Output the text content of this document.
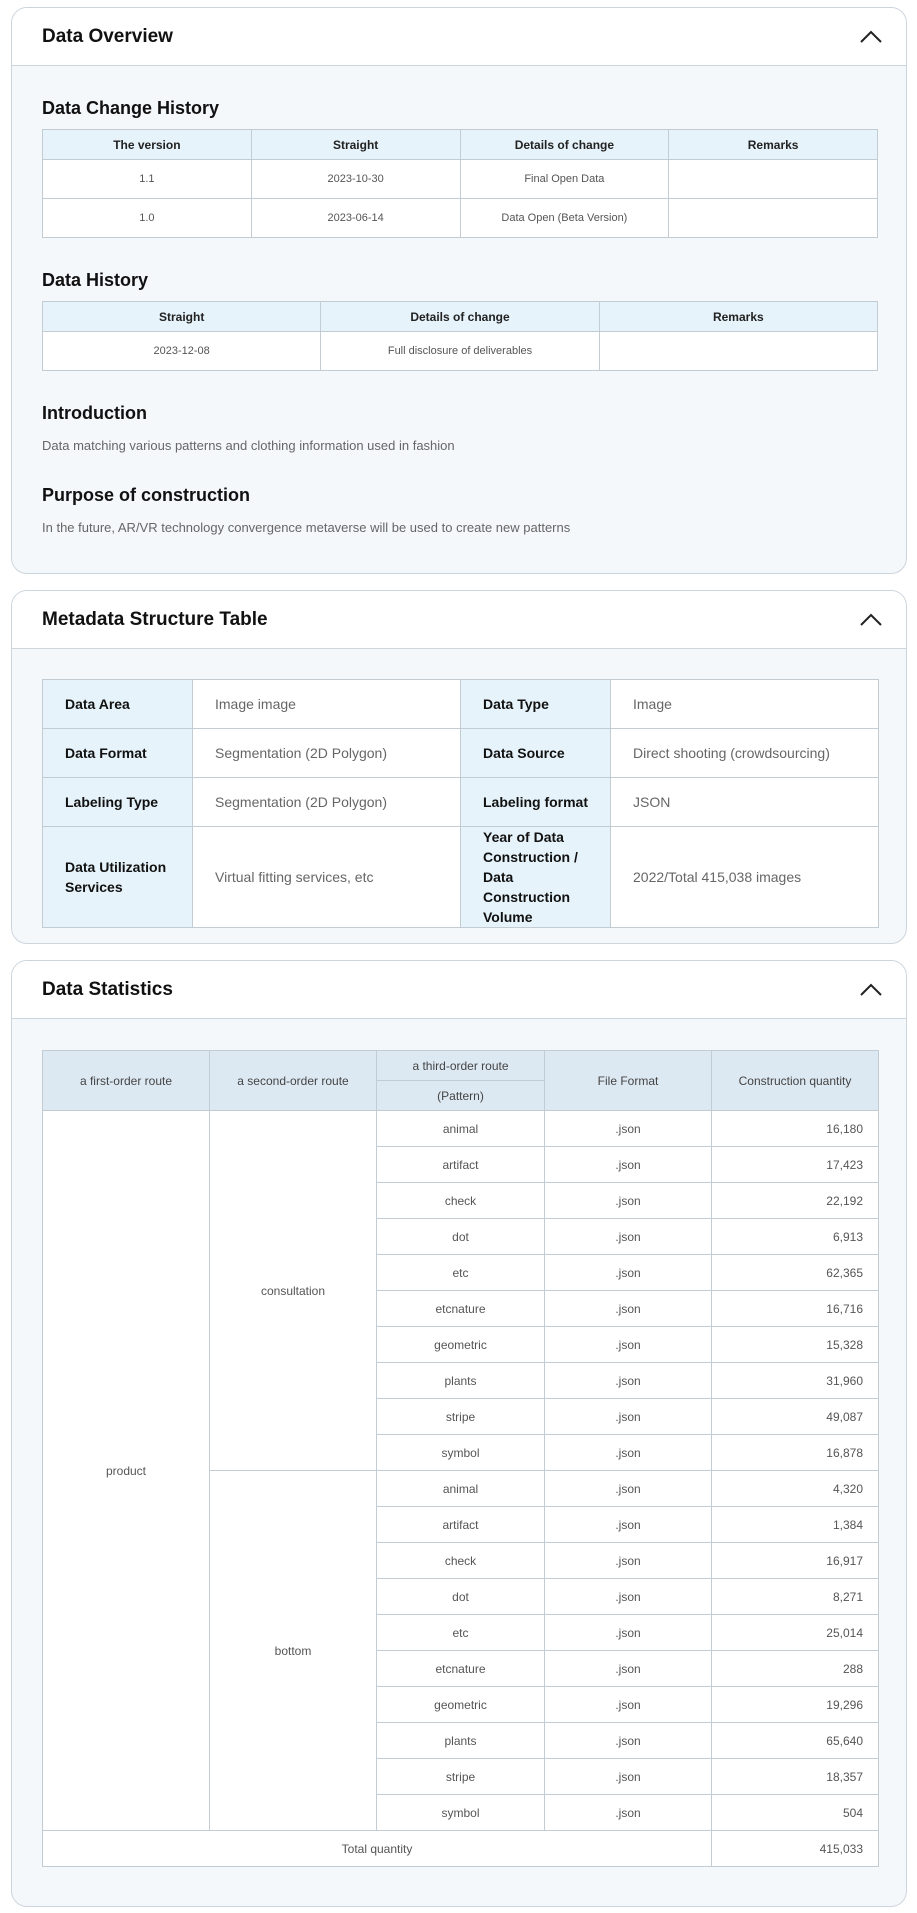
Data Overview
Data Change History
The version	Straight	Details of change	Remarks
1.1	2023-10-30	Final Open Data	
1.0	2023-06-14	Data Open (Beta Version)	
Data History
Straight	Details of change	Remarks
2023-12-08	Full disclosure of deliverables	
Introduction
Data matching various patterns and clothing information used in fashion
Purpose of construction
In the future, AR/VR technology convergence metaverse will be used to create new patterns
Metadata Structure Table
Data Area	Image image	Data Type	Image
Data Format	Segmentation (2D Polygon)	Data Source	Direct shooting (crowdsourcing)
Labeling Type	Segmentation (2D Polygon)	Labeling format	JSON
Data Utilization Services	Virtual fitting services, etc	Year of Data Construction / Data Construction Volume	2022/Total 415,038 images
Data Statistics
a first-order route	a second-order route	a third-order route	File Format	Construction quantity
		(Pattern)		
product	consultation	animal	.json	16,180
		artifact	.json	17,423
		check	.json	22,192
		dot	.json	6,913
		etc	.json	62,365
		etcnature	.json	16,716
		geometric	.json	15,328
		plants	.json	31,960
		stripe	.json	49,087
		symbol	.json	16,878
	bottom	animal	.json	4,320
		artifact	.json	1,384
		check	.json	16,917
		dot	.json	8,271
		etc	.json	25,014
		etcnature	.json	288
		geometric	.json	19,296
		plants	.json	65,640
		stripe	.json	18,357
		symbol	.json	504
Total quantity				415,033
